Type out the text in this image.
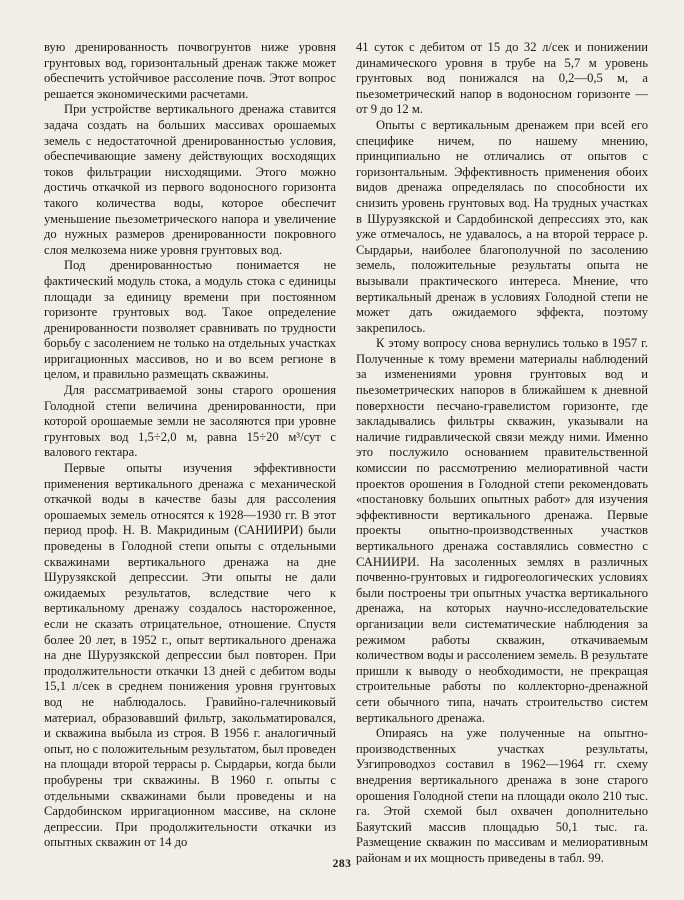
вую дренированность почвогрунтов ниже уровня грунтовых вод, горизонтальный дренаж также может обеспечить устойчивое рассоление почв. Этот вопрос решается экономическими расчетами.

При устройстве вертикального дренажа ставится задача создать на больших массивах орошаемых земель с недостаточной дренированностью условия, обеспечивающие замену действующих восходящих токов фильтрации нисходящими. Этого можно достичь откачкой из первого водоносного горизонта такого количества воды, которое обеспечит уменьшение пьезометрического напора и увеличение до нужных размеров дренированности покровного слоя мелкозема ниже уровня грунтовых вод.

Под дренированностью понимается не фактический модуль стока, а модуль стока с единицы площади за единицу времени при постоянном горизонте грунтовых вод. Такое определение дренированности позволяет сравнивать по трудности борьбу с засолением не только на отдельных участках ирригационных массивов, но и во всем регионе в целом, и правильно размещать скважины.

Для рассматриваемой зоны старого орошения Голодной степи величина дренированности, при которой орошаемые земли не засоляются при уровне грунтовых вод 1,5÷2,0 м, равна 15÷20 м³/сут с валового гектара.

Первые опыты изучения эффективности применения вертикального дренажа с механической откачкой воды в качестве базы для рассоления орошаемых земель относятся к 1928—1930 гг. В этот период проф. Н. В. Макридиным (САНИИРИ) были проведены в Голодной степи опыты с отдельными скважинами вертикального дренажа на дне Шурузякской депрессии. Эти опыты не дали ожидаемых результатов, вследствие чего к вертикальному дренажу создалось настороженное, если не сказать отрицательное, отношение. Спустя более 20 лет, в 1952 г., опыт вертикального дренажа на дне Шурузякской депрессии был повторен. При продолжительности откачки 13 дней с дебитом воды 15,1 л/сек в среднем понижения уровня грунтовых вод не наблюдалось. Гравийно-галечниковый материал, образовавший фильтр, закольматировался, и скважина выбыла из строя. В 1956 г. аналогичный опыт, но с положительным результатом, был проведен на площади второй террасы р. Сырдарьи, когда были пробурены три скважины. В 1960 г. опыты с отдельными скважинами были проведены и на Сардобинском ирригационном массиве, на склоне депрессии. При продолжительности откачки из опытных скважин от 14 до

41 суток с дебитом от 15 до 32 л/сек и понижении динамического уровня в трубе на 5,7 м уровень грунтовых вод понижался на 0,2—0,5 м, а пьезометрический напор в водоносном горизонте — от 9 до 12 м.

Опыты с вертикальным дренажем при всей его специфике ничем, по нашему мнению, принципиально не отличались от опытов с горизонтальным. Эффективность применения обоих видов дренажа определялась по способности их снизить уровень грунтовых вод. На трудных участках в Шурузякской и Сардобинской депрессиях это, как уже отмечалось, не удавалось, а на второй террасе р. Сырдарьи, наиболее благополучной по засолению земель, положительные результаты опыта не вызывали практического интереса. Мнение, что вертикальный дренаж в условиях Голодной степи не может дать ожидаемого эффекта, поэтому закрепилось.

К этому вопросу снова вернулись только в 1957 г. Полученные к тому времени материалы наблюдений за изменениями уровня грунтовых вод и пьезометрических напоров в ближайшем к дневной поверхности песчано-гравелистом горизонте, где закладывались фильтры скважин, указывали на наличие гидравлической связи между ними. Именно это послужило основанием правительственной комиссии по рассмотрению мелиоративной части проектов орошения в Голодной степи рекомендовать «постановку больших опытных работ» для изучения эффективности вертикального дренажа. Первые проекты опытно-производственных участков вертикального дренажа составлялись совместно с САНИИРИ. На засоленных землях в различных почвенно-грунтовых и гидрогеологических условиях были построены три опытных участка вертикального дренажа, на которых научно-исследовательские организации вели систематические наблюдения за режимом работы скважин, откачиваемым количеством воды и рассолением земель. В результате пришли к выводу о необходимости, не прекращая строительные работы по коллекторно-дренажной сети обычного типа, начать строительство систем вертикального дренажа.

Опираясь на уже полученные на опытно-производственных участках результаты, Узгипроводхоз составил в 1962—1964 гг. схему внедрения вертикального дренажа в зоне старого орошения Голодной степи на площади около 210 тыс. га. Этой схемой был охвачен дополнительно Баяутский массив площадью 50,1 тыс. га. Размещение скважин по массивам и мелиоративным районам и их мощность приведены в табл. 99.

283
